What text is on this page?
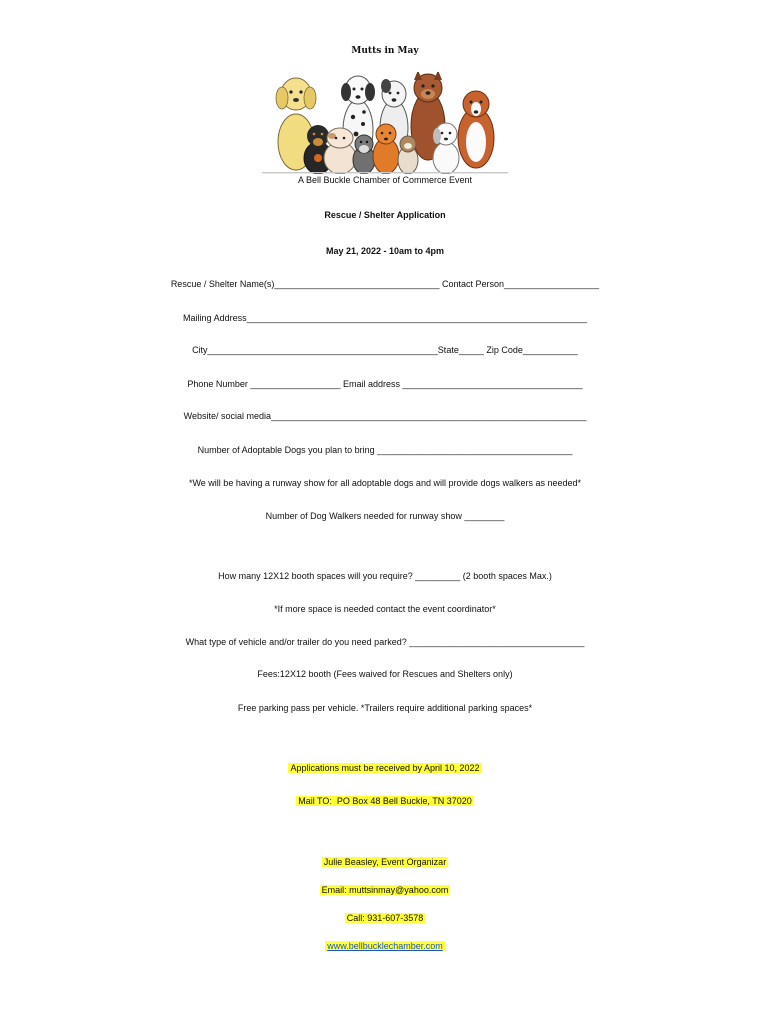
Mutts in May
A Bell Buckle Chamber of Commerce Event
Rescue / Shelter Application
May 21, 2022 - 10am to 4pm
Rescue / Shelter Name(s)_________________________________ Contact Person___________________
Mailing Address____________________________________________________________________
City______________________________________________State_____ Zip Code___________
Phone Number __________________ Email address ____________________________________
Website/ social media_______________________________________________________________
Number of Adoptable Dogs you plan to bring _______________________________________
*We will be having a runway show for all adoptable dogs and will provide dogs walkers as needed*
Number of Dog Walkers needed for runway show ________
How many 12X12 booth spaces will you require? _________ (2 booth spaces Max.)
*If more space is needed contact the event coordinator*
What type of vehicle and/or trailer do you need parked? ___________________________________
Fees:12X12 booth (Fees waived for Rescues and Shelters only)
Free parking pass per vehicle. *Trailers require additional parking spaces*
Applications must be received by April 10, 2022
Mail TO:  PO Box 48 Bell Buckle, TN 37020
Julie Beasley, Event Organizar
Email: muttsinmay@yahoo.com
Call: 931-607-3578
www.bellbucklechamber.com
